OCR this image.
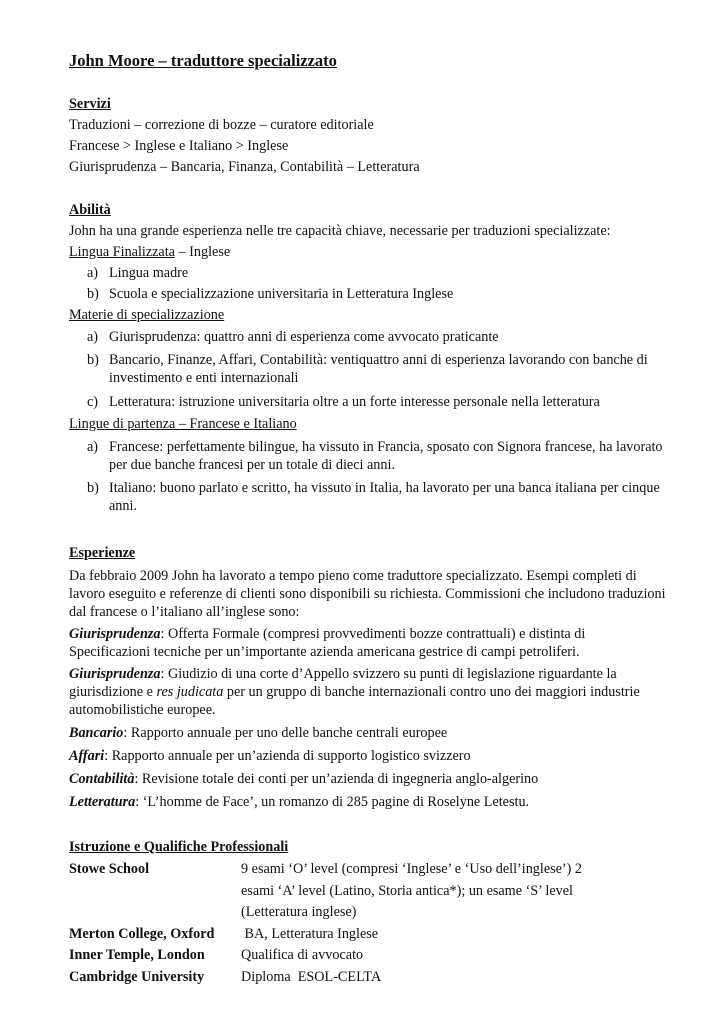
John Moore – traduttore specializzato
Servizi

Traduzioni – correzione di bozze – curatore editoriale

Francese > Inglese e Italiano > Inglese

Giurisprudenza – Bancaria, Finanza, Contabilità – Letteratura

Abilità

John ha una grande esperienza nelle tre capacità chiave, necessarie per traduzioni specializzate:

Lingua Finalizzata – Inglese

a) Lingua madre
b) Scuola e specializzazione universitaria in Letteratura Inglese

Materie di specializzazione

a) Giurisprudenza: quattro anni di esperienza come avvocato praticante
b) Bancario, Finanze, Affari, Contabilità: ventiquattro anni di esperienza lavorando con banche di investimento e enti internazionali
c) Letteratura: istruzione universitaria oltre a un forte interesse personale nella letteratura

Lingue di partenza – Francese e Italiano

a) Francese: perfettamente bilingue, ha vissuto in Francia, sposato con Signora francese, ha lavorato per due banche francesi per un totale di dieci anni.
b) Italiano: buono parlato e scritto, ha vissuto in Italia, ha lavorato per una banca italiana per cinque anni.
Esperienze

Da febbraio 2009 John ha lavorato a tempo pieno come traduttore specializzato. Esempi completi di lavoro eseguito e referenze di clienti sono disponibili su richiesta. Commissioni che includono traduzioni dal francese o l’italiano all’inglese sono:

Giurisprudenza: Offerta Formale (compresi provvedimenti bozze contrattuali) e distinta di Specificazioni tecniche per un’importante azienda americana gestrice di campi petroliferi.

Giurisprudenza: Giudizio di una corte d’Appello svizzero su punti di legislazione riguardante la giurisdizione e res judicata per un gruppo di banche internazionali contro uno dei maggiori industrie automobilistiche europee.

Bancario: Rapporto annuale per uno delle banche centrali europee

Affari: Rapporto annuale per un’azienda di supporto logistico svizzero

Contabilità: Revisione totale dei conti per un’azienda di ingegneria anglo-algerino

Letteratura: ‘L’homme de Face’, un romanzo di 285 pagine di Roselyne Letestu.

Istruzione e Qualifiche Professionali
Stowe School	9 esami ‘O’ level (compresi ‘Inglese’ e ‘Uso dell’inglese’) 2
esami ‘A’ level (Latino, Storia antica*); un esame ‘S’ level
(Letteratura inglese)

Merton College, Oxford	BA, Letteratura Inglese

Inner Temple, London	Qualifica di avvocato

Cambridge University	Diploma  ESOL-CELTA
